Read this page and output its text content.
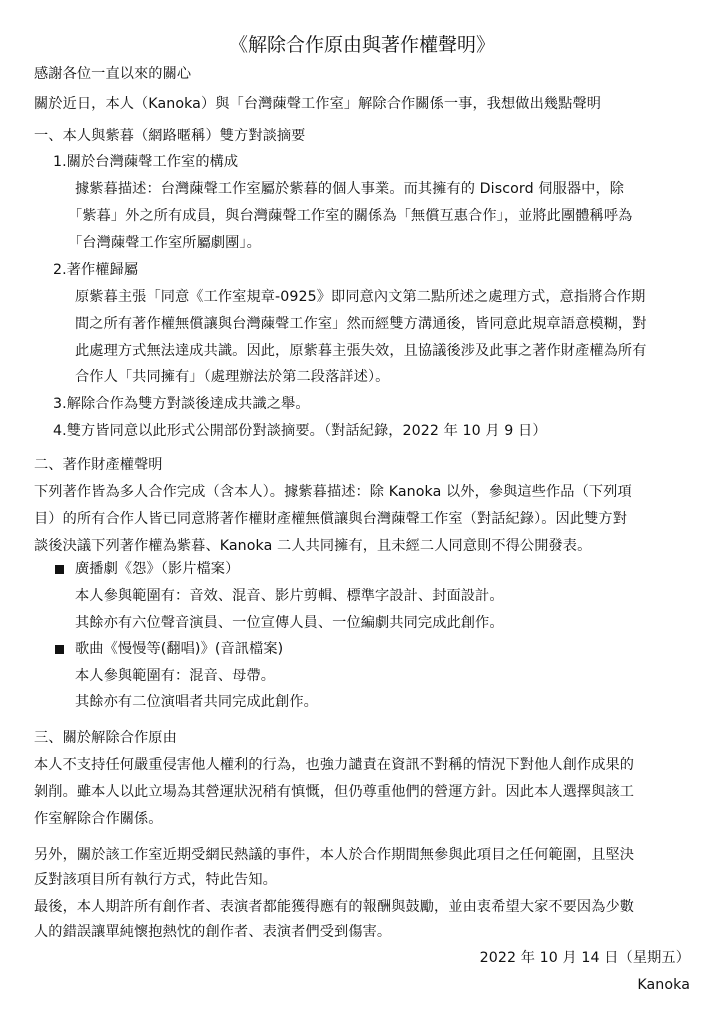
《解除合作原由與著作權聲明》
感謝各位一直以來的關心
關於近日，本人（Kanoka）與「台灣蔯聲工作室」解除合作關係一事，我想做出幾點聲明
一、本人與紫暮（網路暱稱）雙方對談摘要
1.關於台灣蔯聲工作室的構成
據紫暮描述：台灣蔯聲工作室屬於紫暮的個人事業。而其擁有的 Discord 伺服器中，除
「紫暮」外之所有成員，與台灣蔯聲工作室的關係為「無償互惠合作」，並將此團體稱呼為
「台灣蔯聲工作室所屬劇團」。
2.著作權歸屬
原紫暮主張「同意《工作室規章-0925》即同意內文第二點所述之處理方式，意指將合作期
間之所有著作權無償讓與台灣蔯聲工作室」然而經雙方溝通後，皆同意此規章語意模糊，對
此處理方式無法達成共識。因此，原紫暮主張失效，且協議後涉及此事之著作財產權為所有
合作人「共同擁有」（處理辦法於第二段落詳述）。
3.解除合作為雙方對談後達成共識之舉。
4.雙方皆同意以此形式公開部份對談摘要。（對話紀錄，2022 年 10 月 9 日）
二、著作財產權聲明
下列著作皆為多人合作完成（含本人）。據紫暮描述：除 Kanoka 以外，參與這些作品（下列項
目）的所有合作人皆已同意將著作權財產權無償讓與台灣蔯聲工作室（對話紀錄）。因此雙方對
談後決議下列著作權為紫暮、Kanoka 二人共同擁有，且未經二人同意則不得公開發表。
廣播劇《怨》（影片檔案）
本人參與範圍有：音效、混音、影片剪輯、標準字設計、封面設計。
其餘亦有六位聲音演員、一位宣傳人員、一位編劇共同完成此創作。
歌曲《慢慢等(翻唱)》(音訊檔案)
本人參與範圍有：混音、母帶。
其餘亦有二位演唱者共同完成此創作。
三、關於解除合作原由
本人不支持任何嚴重侵害他人權利的行為，也強力譴責在資訊不對稱的情況下對他人創作成果的
剝削。雖本人以此立場為其營運狀況稍有慎慨，但仍尊重他們的營運方針。因此本人選擇與該工
作室解除合作關係。
另外，關於該工作室近期受網民熱議的事件，本人於合作期間無參與此項目之任何範圍，且堅決
反對該項目所有執行方式，特此告知。
最後，本人期許所有創作者、表演者都能獲得應有的報酬與鼓勵，並由衷希望大家不要因為少數
人的錯誤讓單純懷抱熱忱的創作者、表演者們受到傷害。
2022 年 10 月 14 日（星期五）
Kanoka
